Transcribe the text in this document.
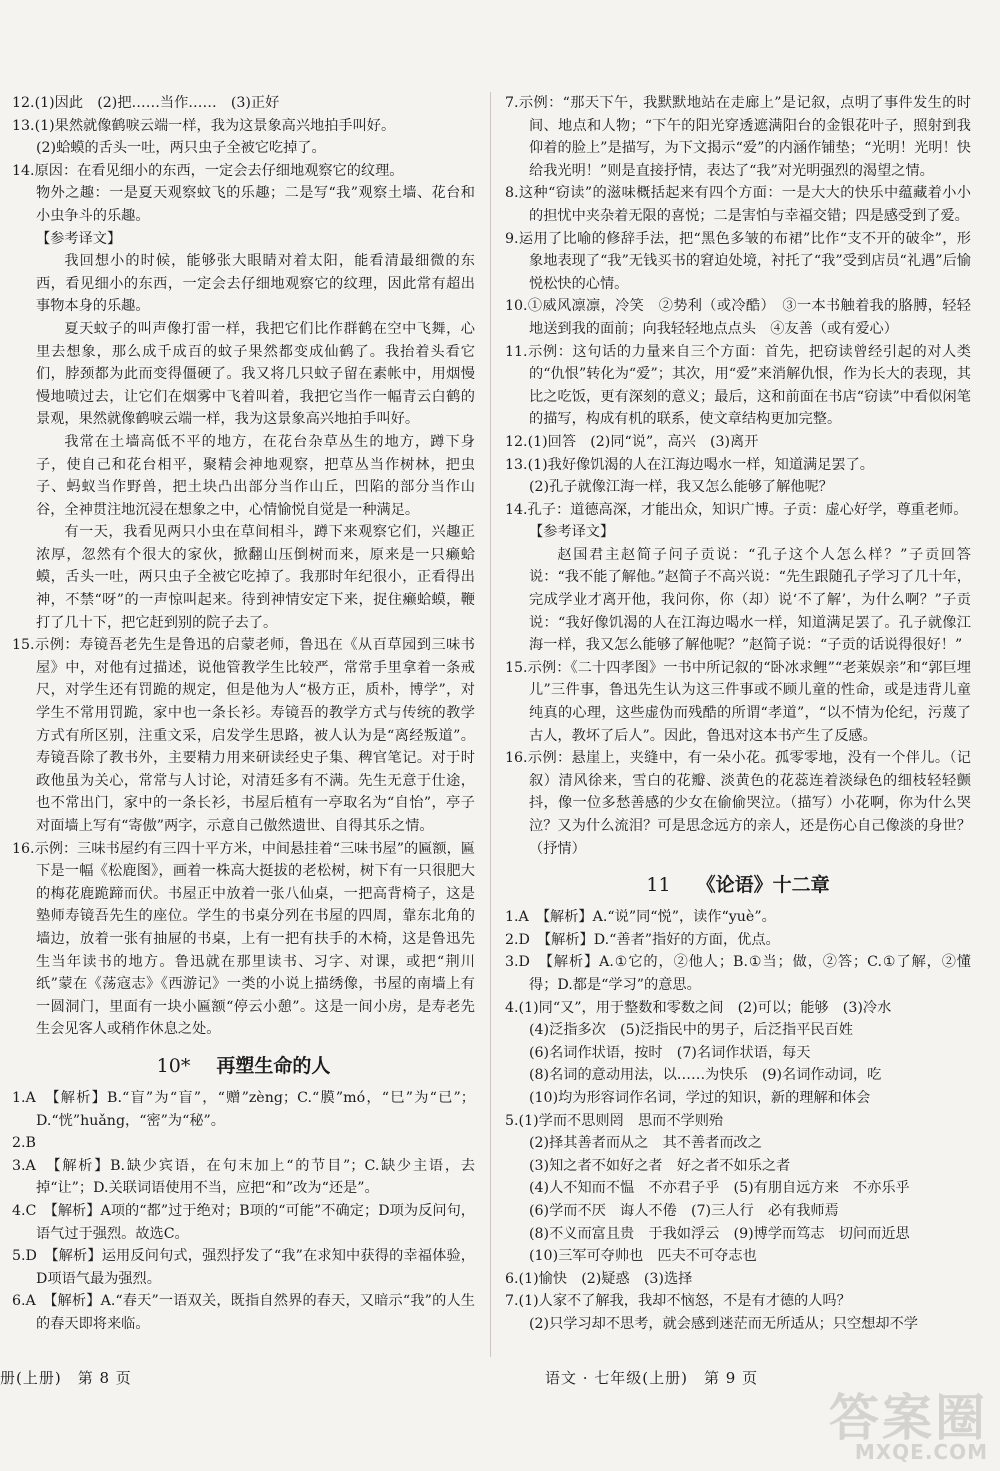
12.(1)因此　(2)把……当作……　(3)正好

13.(1)果然就像鹤唳云端一样，我为这景象高兴地拍手叫好。

(2)蛤蟆的舌头一吐，两只虫子全被它吃掉了。

14.原因：在看见细小的东西，一定会去仔细地观察它的纹理。

物外之趣：一是夏天观察蚊飞的乐趣；二是写“我”观察土墙、花台和小虫争斗的乐趣。

【参考译文】

我回想小的时候，能够张大眼睛对着太阳，能看清最细微的东西，看见细小的东西，一定会去仔细地观察它的纹理，因此常有超出事物本身的乐趣。

夏天蚊子的叫声像打雷一样，我把它们比作群鹤在空中飞舞，心里去想象，那么成千成百的蚊子果然都变成仙鹤了。我抬着头看它们，脖颈都为此而变得僵硬了。我又将几只蚊子留在素帐中，用烟慢慢地喷过去，让它们在烟雾中飞着叫着，我把它当作一幅青云白鹤的景观，果然就像鹤唳云端一样，我为这景象高兴地拍手叫好。

我常在土墙高低不平的地方，在花台杂草丛生的地方，蹲下身子，使自己和花台相平，聚精会神地观察，把草丛当作树林，把虫子、蚂蚁当作野兽，把土块凸出部分当作山丘，凹陷的部分当作山谷，全神贯注地沉浸在想象之中，心情愉悦自觉是一种满足。

有一天，我看见两只小虫在草间相斗，蹲下来观察它们，兴趣正浓厚，忽然有个很大的家伙，掀翻山压倒树而来，原来是一只癞蛤蟆，舌头一吐，两只虫子全被它吃掉了。我那时年纪很小，正看得出神，不禁“呀”的一声惊叫起来。待到神情安定下来，捉住癞蛤蟆，鞭打了几十下，把它赶到别的院子去了。

15.示例：寿镜吾老先生是鲁迅的启蒙老师，鲁迅在《从百草园到三味书屋》中，对他有过描述，说他管教学生比较严，常常手里拿着一条戒尺，对学生还有罚跪的规定，但是他为人“极方正，质朴，博学”，对学生不常用罚跪，家中也一条长衫。寿镜吾的教学方式与传统的教学方式有所区别，注重文采，启发学生思路，被人认为是“离经叛道”。寿镜吾除了教书外，主要精力用来研读经史子集、稗官笔记。对于时政他虽为关心，常常与人讨论，对清廷多有不满。先生无意于仕途，也不常出门，家中的一条长衫，书屋后植有一亭取名为“自怡”，亭子对面墙上写有“寄傲”两字，示意自己傲然遗世、自得其乐之情。

16.示例：三味书屋约有三四十平方米，中间悬挂着“三味书屋”的匾额，匾下是一幅《松鹿图》，画着一株高大挺拔的老松树，树下有一只很肥大的梅花鹿跪蹄而伏。书屋正中放着一张八仙桌，一把高背椅子，这是塾师寿镜吾先生的座位。学生的书桌分列在书屋的四周，靠东北角的墙边，放着一张有抽屉的书桌，上有一把有扶手的木椅，这是鲁迅先生当年读书的地方。鲁迅就在那里读书、习字、对课，或把“荆川纸”蒙在《荡寇志》《西游记》一类的小说上描绣像，书屋的南墙上有一圆洞门，里面有一块小匾额“停云小憩”。这是一间小房，是寿老先生会见客人或稍作休息之处。

10* 再塑生命的人

1.A　【解析】B.“盲”为“盲”，“赠”zèng；C.“膜”mó，“巳”为“已”；D.“恍”huǎng，“密”为“秘”。

2.B

3.A　【解析】B.缺少宾语，在句末加上“的节目”；C.缺少主语，去掉“让”；D.关联词语使用不当，应把“和”改为“还是”。

4.C　【解析】A项的“都”过于绝对；B项的“可能”不确定；D项为反问句，语气过于强烈。故选C。

5.D　【解析】运用反问句式，强烈抒发了“我”在求知中获得的幸福体验，D项语气最为强烈。

6.A　【解析】A.“春天”一语双关，既指自然界的春天，又暗示“我”的人生的春天即将来临。

7.示例：“那天下午，我默默地站在走廊上”是记叙，点明了事件发生的时间、地点和人物；“下午的阳光穿透遮满阳台的金银花叶子，照射到我仰着的脸上”是描写，为下文揭示“爱”的内涵作铺垫；“光明！光明！快给我光明！”则是直接抒情，表达了“我”对光明强烈的渴望之情。

8.这种“窃读”的滋味概括起来有四个方面：一是大大的快乐中蕴藏着小小的担忧中夹杂着无限的喜悦；二是害怕与幸福交错；四是感受到了爱。

9.运用了比喻的修辞手法，把“黑色多皱的布裙”比作“支不开的破伞”，形象地表现了“我”无钱买书的窘迫处境，衬托了“我”受到店员“礼遇”后愉悦松快的心情。

10.①威风凛凛，冷笑　②势利（或冷酷）　③一本书触着我的胳膊，轻轻地送到我的面前；向我轻轻地点点头　④友善（或有爱心）

11.示例：这句话的力量来自三个方面：首先，把窃读曾经引起的对人类的“仇恨”转化为“爱”；其次，用“爱”来消解仇恨，作为长大的表现，其比之吃饭，更有深刻的意义；最后，这和前面在书店“窃读”中看似闲笔的描写，构成有机的联系，使文章结构更加完整。

12.(1)回答　(2)同“说”，高兴　(3)离开

13.(1)我好像饥渴的人在江海边喝水一样，知道满足罢了。

(2)孔子就像江海一样，我又怎么能够了解他呢？

14.孔子：道德高深，才能出众，知识广博。子贡：虚心好学，尊重老师。

【参考译文】

赵国君主赵简子问子贡说：“孔子这个人怎么样？”子贡回答说：“我不能了解他。”赵简子不高兴说：“先生跟随孔子学习了几十年，完成学业才离开他，我问你，你（却）说‘不了解’，为什么啊？”子贡说：“我好像饥渴的人在江海边喝水一样，知道满足罢了。孔子就像江海一样，我又怎么能够了解他呢？”赵简子说：“子贡的话说得很好！”

15.示例：《二十四孝图》一书中所记叙的“卧冰求鲤”“老莱娱亲”和“郭巨埋儿”三件事，鲁迅先生认为这三件事或不顾儿童的性命，或是违背儿童纯真的心理，这些虚伪而残酷的所谓“孝道”，“以不情为伦纪，污蔑了古人，教坏了后人”。因此，鲁迅对这本书产生了反感。

16.示例：悬崖上，夹缝中，有一朵小花。孤零零地，没有一个伴儿。（记叙）清风徐来，雪白的花瓣、淡黄色的花蕊连着淡绿色的细枝轻轻颤抖，像一位多愁善感的少女在偷偷哭泣。（描写）小花啊，你为什么哭泣？又为什么流泪？可是思念远方的亲人，还是伤心自己像淡的身世？（抒情）

11 《论语》十二章

1.A　【解析】A.“说”同“悦”，读作“yuè”。

2.D　【解析】D.“善者”指好的方面，优点。

3.D　【解析】A.①它的，②他人；B.①当；做，②答；C.①了解，②懂得；D.都是“学习”的意思。

4.(1)同“又”，用于整数和零数之间　(2)可以；能够　(3)冷水

(4)泛指多次　(5)泛指民中的男子，后泛指平民百姓

(6)名词作状语，按时　(7)名词作状语，每天

(8)名词的意动用法，以……为快乐　(9)名词作动词，吃

(10)均为形容词作名词，学过的知识，新的理解和体会

5.(1)学而不思则罔　思而不学则殆

(2)择其善者而从之　其不善者而改之

(3)知之者不如好之者　好之者不如乐之者

(4)人不知而不愠　不亦君子乎　(5)有朋自远方来　不亦乐乎

(6)学而不厌　诲人不倦　(7)三人行　必有我师焉

(8)不义而富且贵　于我如浮云　(9)博学而笃志　切问而近思

(10)三军可夺帅也　匹夫不可夺志也

6.(1)愉快　(2)疑惑　(3)选择

7.(1)人家不了解我，我却不恼怒，不是有才德的人吗？

(2)只学习却不思考，就会感到迷茫而无所适从；只空想却不学

册(上册)　第 8 页	语文 · 七年级(上册)　第 9 页
答案圈
MXQE.COM
